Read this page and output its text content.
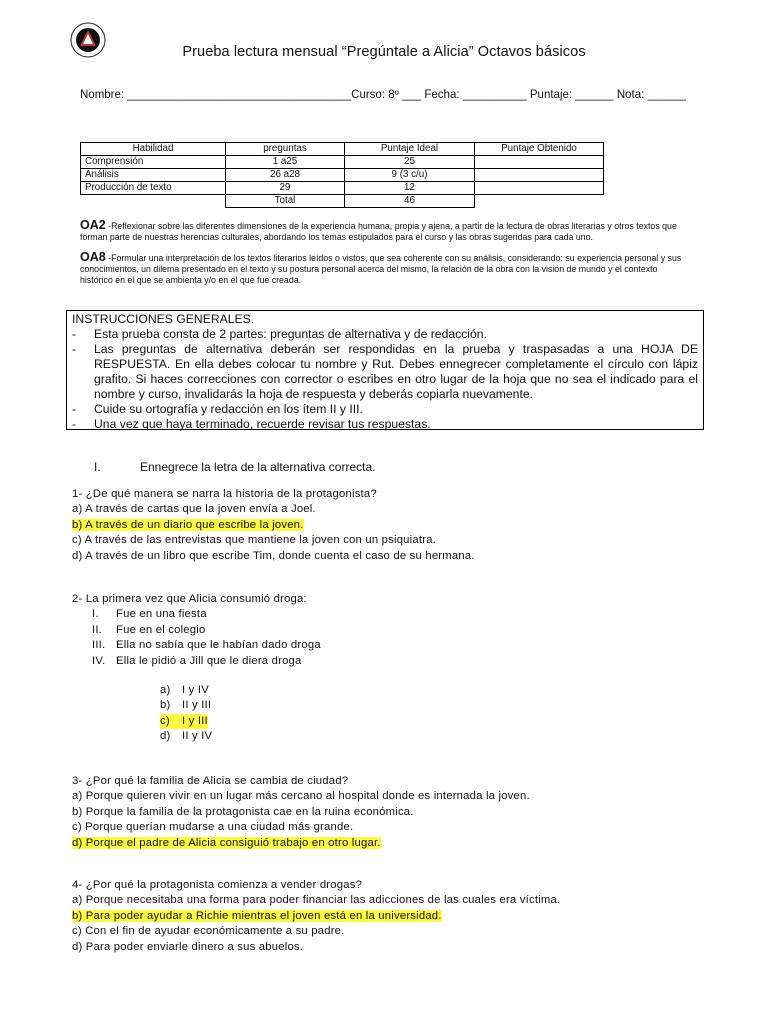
Prueba lectura mensual “Pregúntale a Alicia” Octavos básicos
Nombre: ___________________________________Curso: 8º ___ Fecha: __________ Puntaje: ______ Nota: ______
Habilidad	preguntas	Puntaje Ideal	Puntaje Obtenido
Comprensión	1 a25	25	
Análisis	26 a28	9 (3 c/u)	
Producción de texto	29	12	
	Total	46	
OA2 -Reflexionar sobre las diferentes dimensiones de la experiencia humana, propia y ajena, a partir de la lectura de obras literarias y otros textos que forman parte de nuestras herencias culturales, abordando los temas estipulados para el curso y las obras sugeridas para cada uno.
OA8 -Formular una interpretación de los textos literarios leídos o vistos, que sea coherente con su análisis, considerando: su experiencia personal y sus conocimientos, un dilema presentado en el texto y su postura personal acerca del mismo, la relación de la obra con la visión de mundo y el contexto histórico en el que se ambienta y/o en el que fue creada.
INSTRUCCIONES GENERALES.
-	Esta prueba consta de 2 partes: preguntas de alternativa y de redacción.
-	Las preguntas de alternativa deberán ser respondidas en la prueba y traspasadas a una HOJA DE RESPUESTA. En ella debes colocar tu nombre y Rut. Debes ennegrecer completamente el círculo con lápiz grafito. Si haces correcciones con corrector o escribes en otro lugar de la hoja que no sea el indicado para el nombre y curso, invalidarás la hoja de respuesta y deberás copiarla nuevamente.
-	Cuide su ortografía y redacción en los ítem II y III.
-	Una vez que haya terminado, recuerde revisar tus respuestas.
I.	Ennegrece la letra de la alternativa correcta.
1- ¿De qué manera se narra la historia de la protagonista?
a) A través de cartas que la joven envía a Joel.
b) A través de un diario que escribe la joven.
c) A través de las entrevistas que mantiene la joven con un psiquiatra.
d) A través de un libro que escribe Tim, donde cuenta el caso de su hermana.
2- La primera vez que Alicia consumió droga:
I.	Fue en una fiesta
II.	Fue en el colegio
III. Ella no sabía que le habían dado droga
IV. Ella le pidió a Jill que le diera droga
a)	I y IV
b)	II y III
c)	I y III
d)	II y IV
3- ¿Por qué la familia de Alicia se cambia de ciudad?
a) Porque quieren vivir en un lugar más cercano al hospital donde es internada la joven.
b) Porque la familia de la protagonista cae en la ruina económica.
c) Porque querían mudarse a una ciudad más grande.
d) Porque el padre de Alicia consiguió trabajo en otro lugar.
4- ¿Por qué la protagonista comienza a vender drogas?
a) Porque necesitaba una forma para poder financiar las adicciones de las cuales era víctima.
b) Para poder ayudar a Richie mientras el joven está en la universidad.
c) Con el fin de ayudar económicamente a su padre.
d) Para poder enviarle dinero a sus abuelos.
